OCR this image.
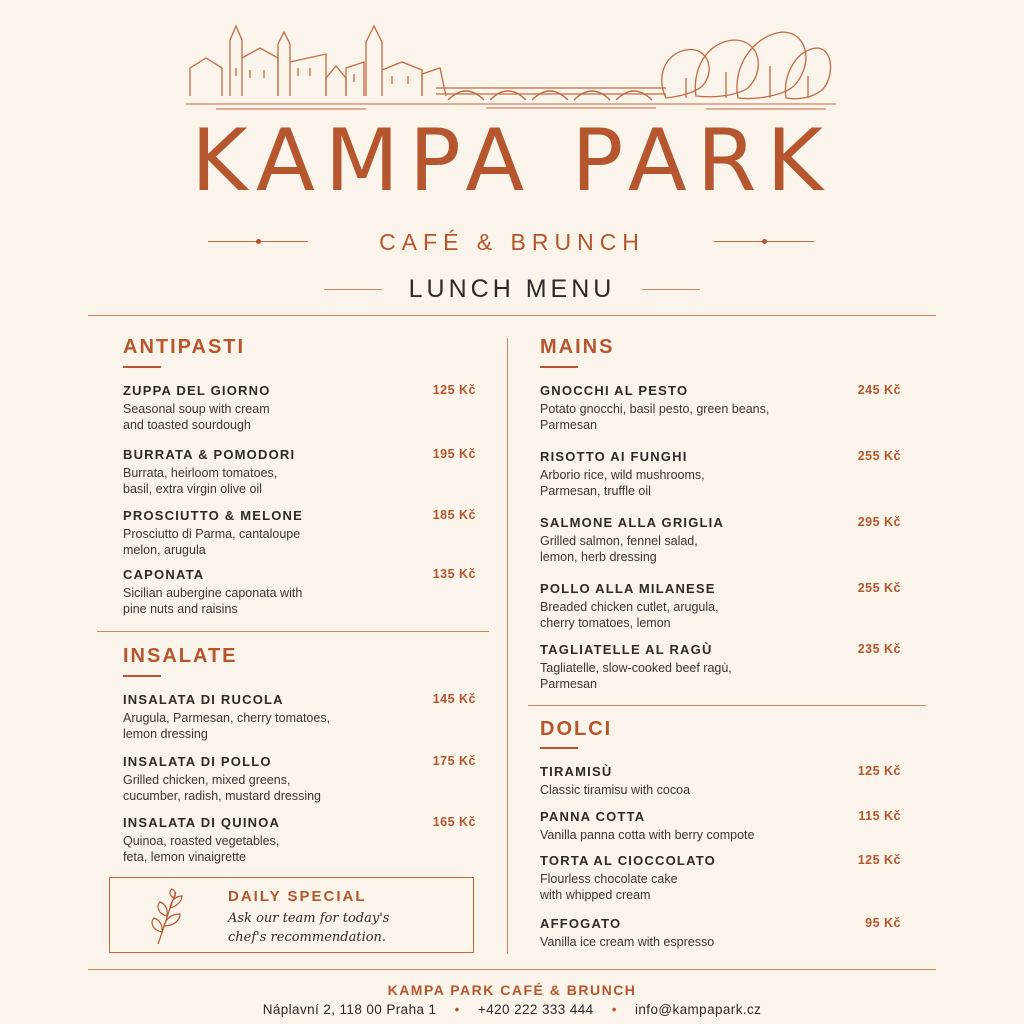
KAMPA PARK
CAFÉ & BRUNCH
LUNCH MENU
ANTIPASTI
ZUPPA DEL GIORNO
Seasonal soup with cream
and toasted sourdough
125 Kč
BURRATA & POMODORI
Burrata, heirloom tomatoes,
basil, extra virgin olive oil
195 Kč
PROSCIUTTO & MELONE
Prosciutto di Parma, cantaloupe
melon, arugula
185 Kč
CAPONATA
Sicilian aubergine caponata with
pine nuts and raisins
135 Kč
INSALATE
INSALATA DI RUCOLA
Arugula, Parmesan, cherry tomatoes,
lemon dressing
145 Kč
INSALATA DI POLLO
Grilled chicken, mixed greens,
cucumber, radish, mustard dressing
175 Kč
INSALATA DI QUINOA
Quinoa, roasted vegetables,
feta, lemon vinaigrette
165 Kč
DAILY SPECIAL
Ask our team for today's chef's recommendation.
MAINS
GNOCCHI AL PESTO
Potato gnocchi, basil pesto, green beans,
Parmesan
245 Kč
RISOTTO AI FUNGHI
Arborio rice, wild mushrooms,
Parmesan, truffle oil
255 Kč
SALMONE ALLA GRIGLIA
Grilled salmon, fennel salad,
lemon, herb dressing
295 Kč
POLLO ALLA MILANESE
Breaded chicken cutlet, arugula,
cherry tomatoes, lemon
255 Kč
TAGLIATELLE AL RAGÙ
Tagliatelle, slow-cooked beef ragù,
Parmesan
235 Kč
DOLCI
TIRAMISÙ
Classic tiramisu with cocoa
125 Kč
PANNA COTTA
Vanilla panna cotta with berry compote
115 Kč
TORTA AL CIOCCOLATO
Flourless chocolate cake
with whipped cream
125 Kč
AFFOGATO
Vanilla ice cream with espresso
95 Kč
KAMPA PARK CAFÉ & BRUNCH
Náplavní 2, 118 00 Praha 1 • +420 222 333 444 • info@kampapark.cz
